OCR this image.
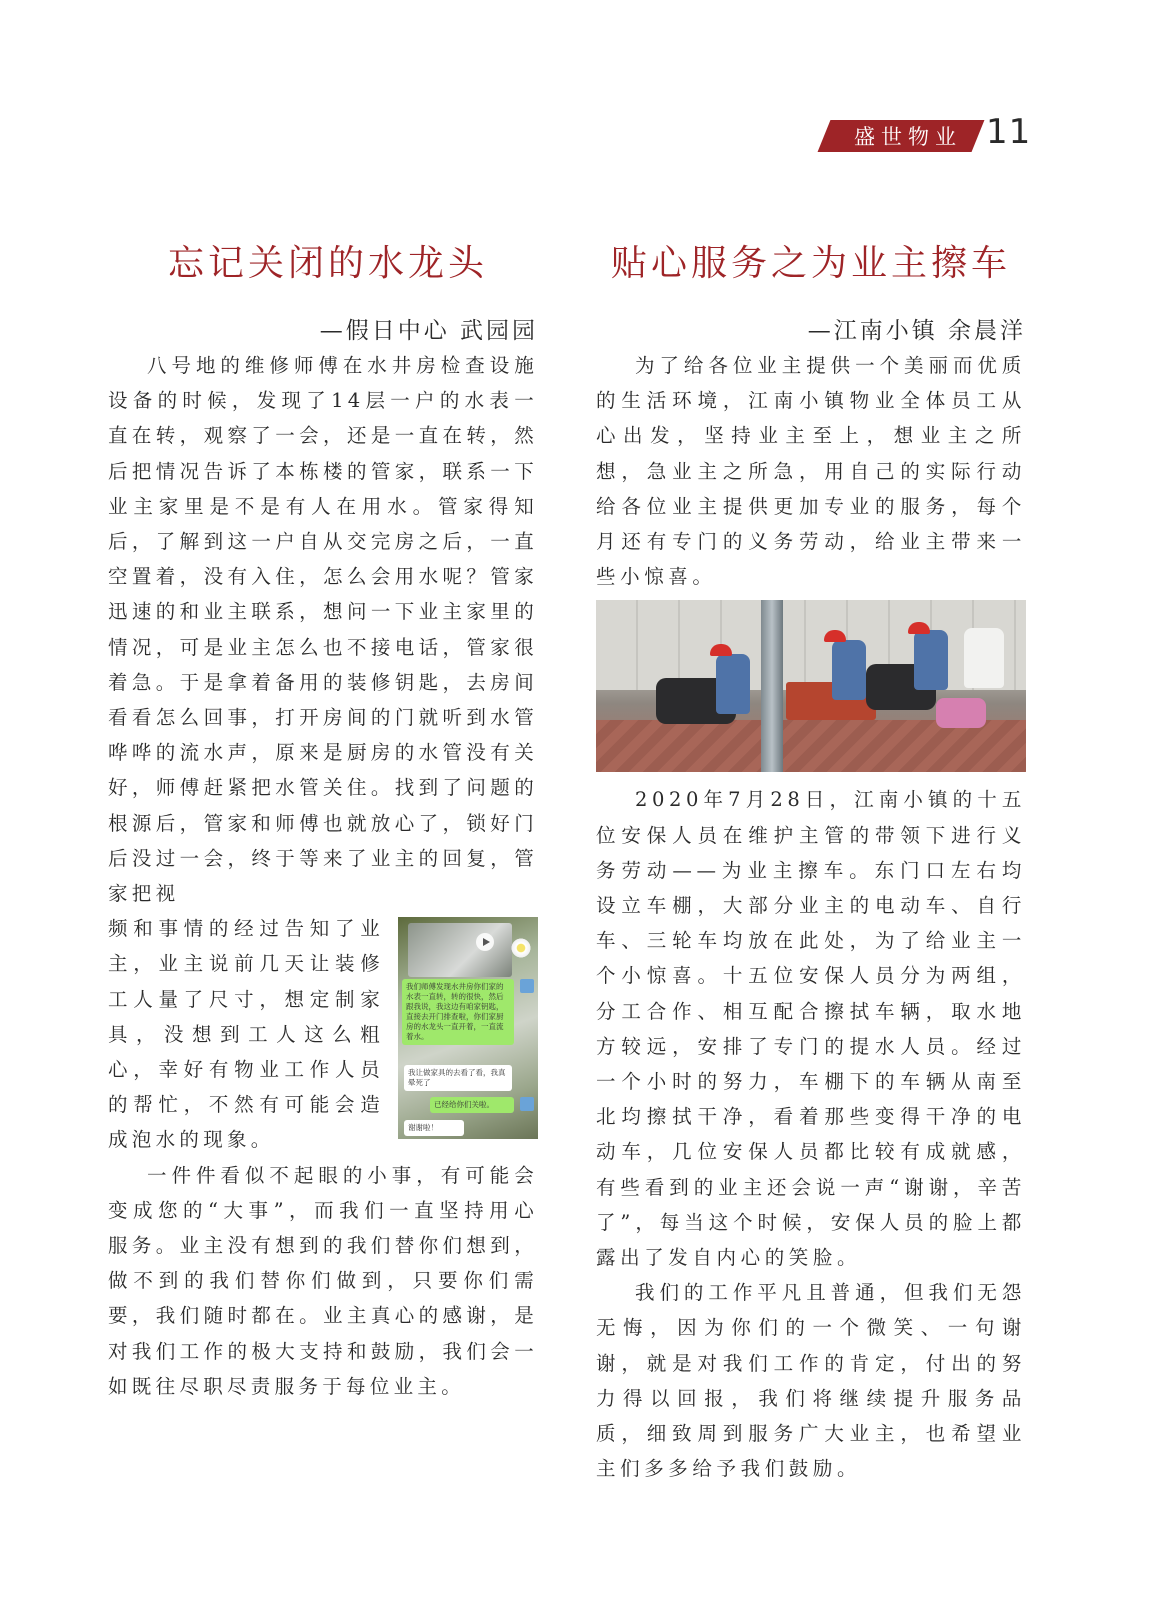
盛世物业 11
忘记关闭的水龙头
—假日中心 武园园

八号地的维修师傅在水井房检查设施设备的时候，发现了14层一户的水表一直在转，观察了一会，还是一直在转，然后把情况告诉了本栋楼的管家，联系一下业主家里是不是有人在用水。管家得知后，了解到这一户自从交完房之后，一直空置着，没有入住，怎么会用水呢？管家迅速的和业主联系，想问一下业主家里的情况，可是业主怎么也不接电话，管家很着急。于是拿着备用的装修钥匙，去房间看看怎么回事，打开房间的门就听到水管哗哗的流水声，原来是厨房的水管没有关好，师傅赶紧把水管关住。找到了问题的根源后，管家和师傅也就放心了，锁好门后没过一会，终于等来了业主的回复，管家把视

我们师傅发现水井房你们家的水表一直转，转的很快，然后跟我说，我这边有咱家钥匙，直接去开门排查啦，你们家厨房的水龙头一直开着，一直流着水。
我让做家具的去看了看，我真晕死了
已经给你们关啦。
谢谢啦！

频和事情的经过告知了业主，业主说前几天让装修工人量了尺寸，想定制家具，没想到工人这么粗心，幸好有物业工作人员的帮忙，不然有可能会造成泡水的现象。

一件件看似不起眼的小事，有可能会变成您的“大事”，而我们一直坚持用心服务。业主没有想到的我们替你们想到，做不到的我们替你们做到，只要你们需要，我们随时都在。业主真心的感谢，是对我们工作的极大支持和鼓励，我们会一如既往尽职尽责服务于每位业主。

贴心服务之为业主擦车
—江南小镇 余晨洋

为了给各位业主提供一个美丽而优质的生活环境，江南小镇物业全体员工从心出发，坚持业主至上，想业主之所想，急业主之所急，用自己的实际行动给各位业主提供更加专业的服务，每个月还有专门的义务劳动，给业主带来一些小惊喜。

2020年7月28日，江南小镇的十五位安保人员在维护主管的带领下进行义务劳动——为业主擦车。东门口左右均设立车棚，大部分业主的电动车、自行车、三轮车均放在此处，为了给业主一个小惊喜。十五位安保人员分为两组，分工合作、相互配合擦拭车辆，取水地方较远，安排了专门的提水人员。经过一个小时的努力，车棚下的车辆从南至北均擦拭干净，看着那些变得干净的电动车，几位安保人员都比较有成就感，有些看到的业主还会说一声“谢谢，辛苦了”，每当这个时候，安保人员的脸上都露出了发自内心的笑脸。

我们的工作平凡且普通，但我们无怨无悔，因为你们的一个微笑、一句谢谢，就是对我们工作的肯定，付出的努力得以回报，我们将继续提升服务品质，细致周到服务广大业主，也希望业主们多多给予我们鼓励。
